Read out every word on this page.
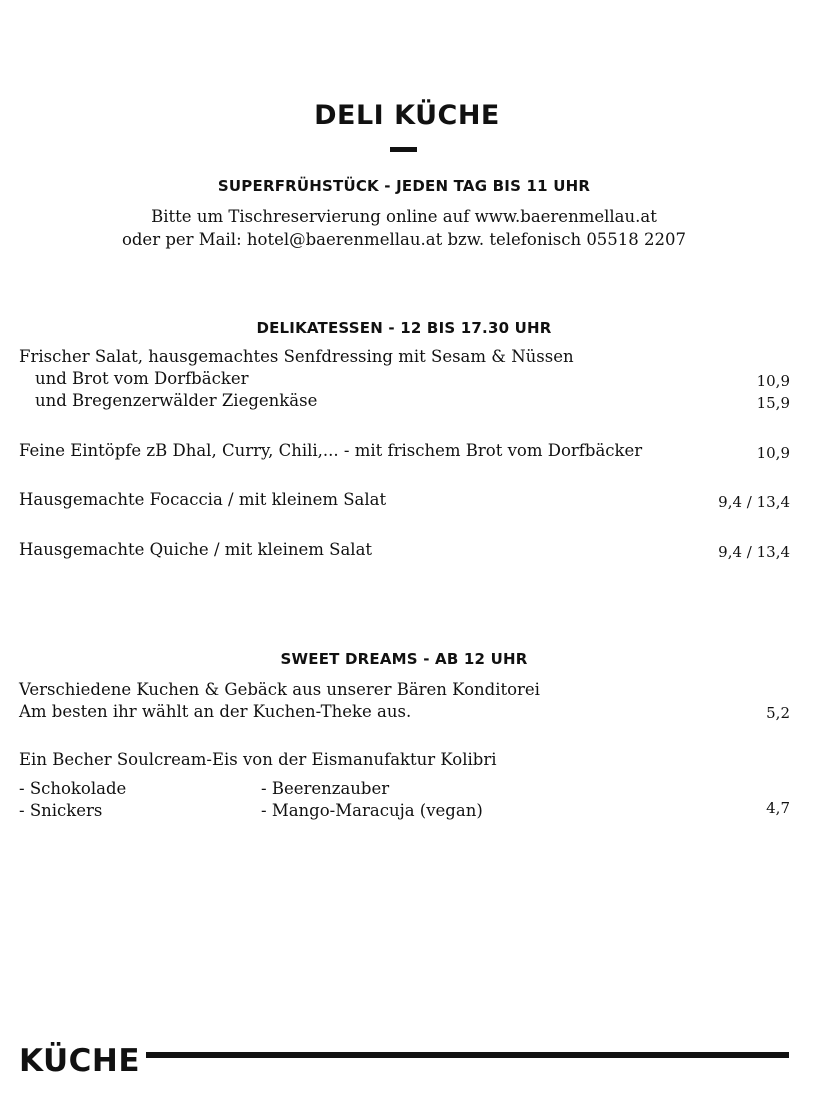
DELI KÜCHE
SUPERFRÜHSTÜCK - JEDEN TAG BIS 11 UHR
Bitte um Tischreservierung online auf www.baerenmellau.at
oder per Mail: hotel@baerenmellau.at bzw. telefonisch 05518 2207
DELIKATESSEN - 12 BIS 17.30 UHR
Frischer Salat, hausgemachtes Senfdressing mit Sesam & Nüssen
und Brot vom Dorfbäcker	10,9
und Bregenzerwälder Ziegenkäse	15,9
Feine Eintöpfe zB Dhal, Curry, Chili,... - mit frischem Brot vom Dorfbäcker	10,9
Hausgemachte Focaccia / mit kleinem Salat	9,4 / 13,4
Hausgemachte Quiche / mit kleinem Salat	9,4 / 13,4
SWEET DREAMS - AB 12 UHR
Verschiedene Kuchen & Gebäck aus unserer Bären Konditorei
Am besten ihr wählt an der Kuchen-Theke aus.	5,2
Ein Becher Soulcream-Eis von der Eismanufaktur Kolibri
- Schokolade
- Snickers
- Beerenzauber
- Mango-Maracuja (vegan)	4,7
KÜCHE
